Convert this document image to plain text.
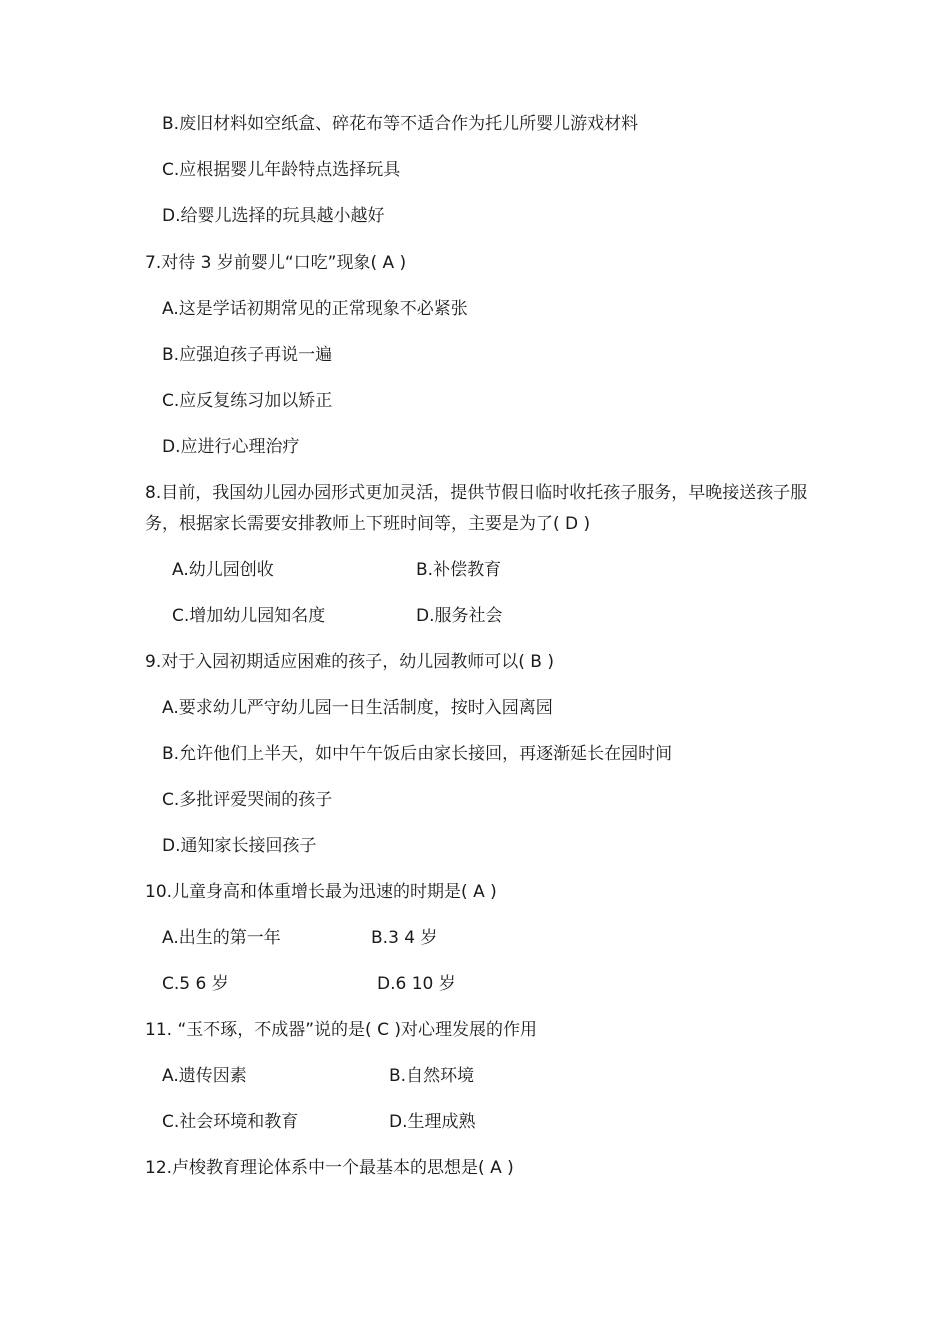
B.废旧材料如空纸盒、碎花布等不适合作为托儿所婴儿游戏材料
C.应根据婴儿年龄特点选择玩具
D.给婴儿选择的玩具越小越好
7.对待 3 岁前婴儿“口吃”现象( A )
A.这是学话初期常见的正常现象不必紧张
B.应强迫孩子再说一遍
C.应反复练习加以矫正
D.应进行心理治疗
8.目前，我国幼儿园办园形式更加灵活，提供节假日临时收托孩子服务，早晚接送孩子服务，根据家长需要安排教师上下班时间等，主要是为了( D )
A.幼儿园创收	B.补偿教育
C.增加幼儿园知名度	D.服务社会
9.对于入园初期适应困难的孩子，幼儿园教师可以( B )
A.要求幼儿严守幼儿园一日生活制度，按时入园离园
B.允许他们上半天，如中午午饭后由家长接回，再逐渐延长在园时间
C.多批评爱哭闹的孩子
D.通知家长接回孩子
10.儿童身高和体重增长最为迅速的时期是( A )
A.出生的第一年	B.3 4 岁
C.5 6 岁	D.6 10 岁
11. “玉不琢，不成器”说的是( C )对心理发展的作用
A.遗传因素	B.自然环境
C.社会环境和教育	D.生理成熟
12.卢梭教育理论体系中一个最基本的思想是( A )
